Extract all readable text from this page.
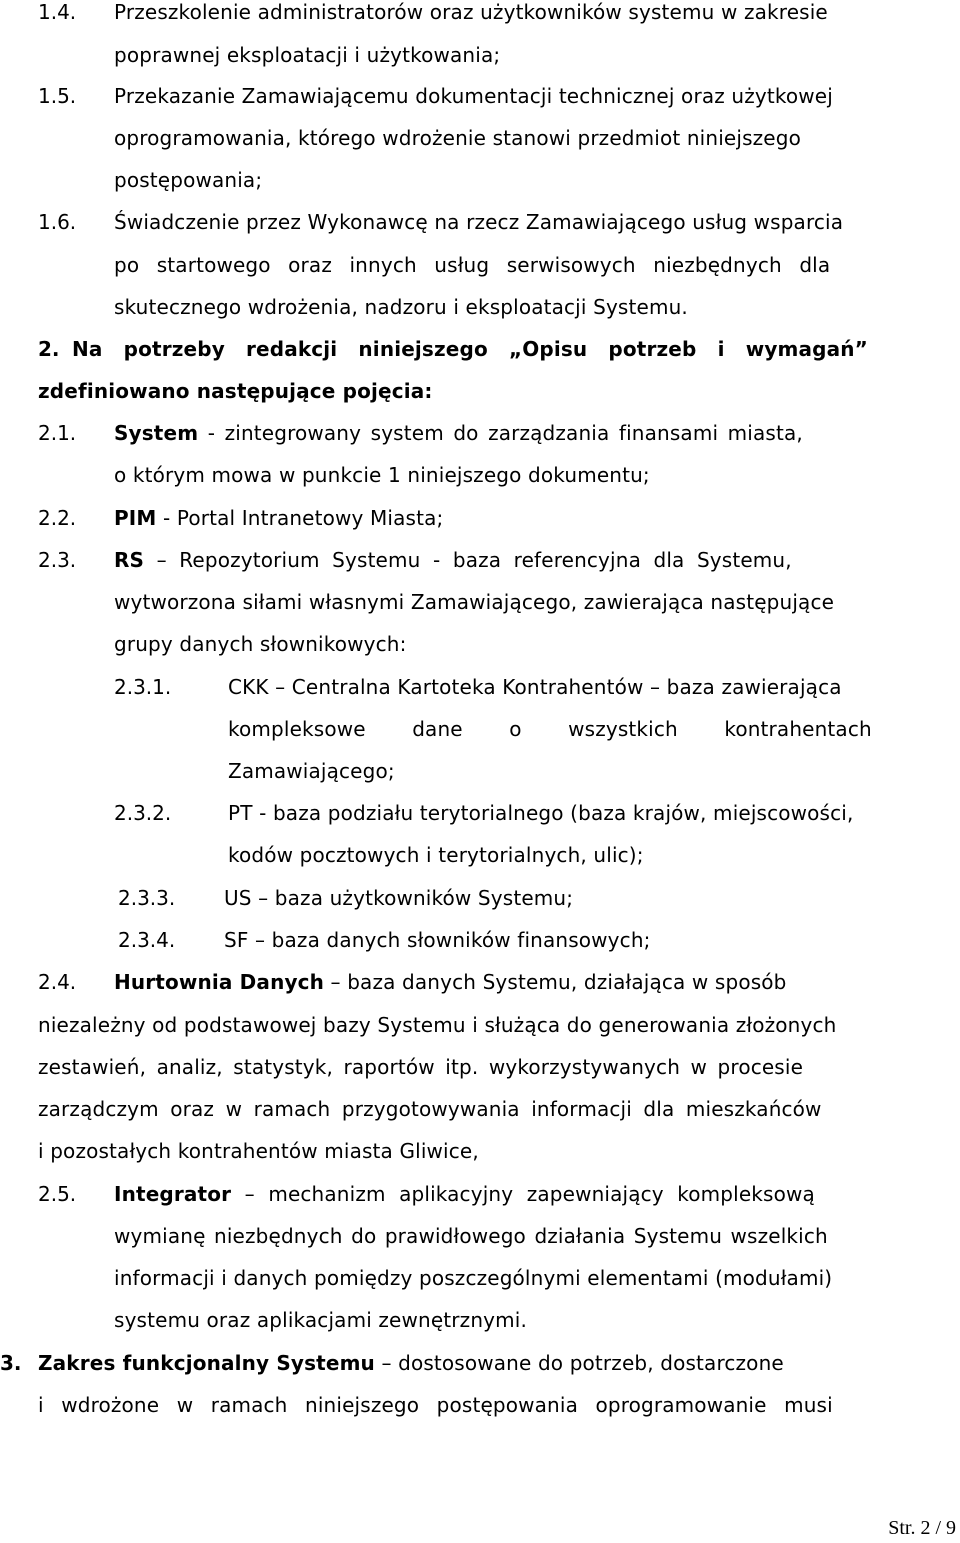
1.4. Przeszkolenie administratorów oraz użytkowników systemu w zakresie
poprawnej eksploatacji i użytkowania;
1.5. Przekazanie Zamawiającemu dokumentacji technicznej oraz użytkowej
oprogramowania, którego wdrożenie stanowi przedmiot niniejszego
postępowania;
1.6. Świadczenie przez Wykonawcę na rzecz Zamawiającego usług wsparcia
po startowego oraz innych usług serwisowych niezbędnych dla
skutecznego wdrożenia, nadzoru i eksploatacji Systemu.
2. Na potrzeby redakcji niniejszego „Opisu potrzeb i wymagań”
zdefiniowano następujące pojęcia:
2.1. System - zintegrowany system do zarządzania finansami miasta,
o którym mowa w punkcie 1 niniejszego dokumentu;
2.2. PIM - Portal Intranetowy Miasta;
2.3. RS – Repozytorium Systemu - baza referencyjna dla Systemu,
wytworzona siłami własnymi Zamawiającego, zawierająca następujące
grupy danych słownikowych:
2.3.1.	CKK – Centralna Kartoteka Kontrahentów – baza zawierająca
kompleksowe dane o wszystkich kontrahentach
Zamawiającego;
2.3.2.	PT - baza podziału terytorialnego (baza krajów, miejscowości,
kodów pocztowych i terytorialnych, ulic);
2.3.3. US – baza użytkowników Systemu;
2.3.4. SF – baza danych słowników finansowych;
2.4. Hurtownia Danych – baza danych Systemu, działająca w sposób
niezależny od podstawowej bazy Systemu i służąca do generowania złożonych
zestawień, analiz, statystyk, raportów itp. wykorzystywanych w procesie
zarządczym oraz w ramach przygotowywania informacji dla mieszkańców
i pozostałych kontrahentów miasta Gliwice,
2.5. Integrator – mechanizm aplikacyjny zapewniający kompleksową
wymianę niezbędnych do prawidłowego działania Systemu wszelkich
informacji i danych pomiędzy poszczególnymi elementami (modułami)
systemu oraz aplikacjami zewnętrznymi.
3. Zakres funkcjonalny Systemu – dostosowane do potrzeb, dostarczone
i wdrożone w ramach niniejszego postępowania oprogramowanie musi
Str. 2 / 9
